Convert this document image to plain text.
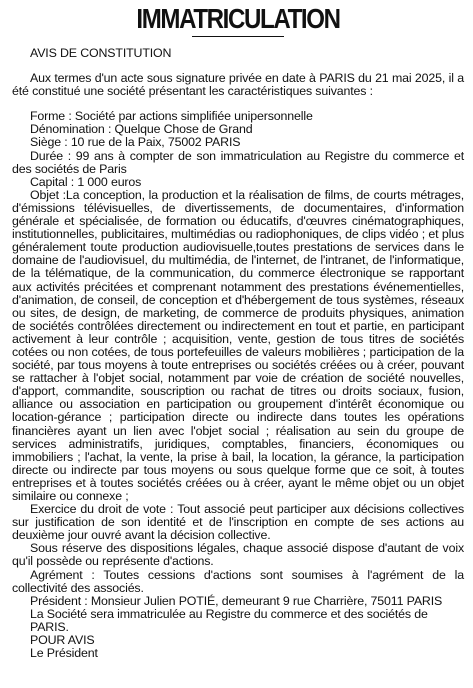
IMMATRICULATION

AVIS DE CONSTITUTION

Aux termes d'un acte sous signature privée en date à PARIS du 21 mai 2025, il a été constitué une société présentant les caractéristiques suivantes :

Forme : Société par actions simplifiée unipersonnelle

Dénomination : Quelque Chose de Grand

Siège : 10 rue de la Paix, 75002 PARIS

Durée : 99 ans à compter de son immatriculation au Registre du commerce et des sociétés de Paris

Capital : 1 000 euros

Objet :La conception, la production et la réalisation de films, de courts métrages, d'émissions télévisuelles, de divertissements, de documentaires, d'information générale et spécialisée, de formation ou éducatifs, d'œuvres cinématographiques, institutionnelles, publicitaires, multimédias ou radiophoniques, de clips vidéo ; et plus généralement toute production audiovisuelle,toutes prestations de services dans le domaine de l'audiovisuel, du multimédia, de l'internet, de l'intranet, de l'informatique, de la télématique, de la communication, du commerce électronique se rapportant aux activités précitées et comprenant notamment des prestations événementielles, d'animation, de conseil, de conception et d'hébergement de tous systèmes, réseaux ou sites, de design, de marketing, de commerce de produits physiques, animation de sociétés contrôlées directement ou indirectement en tout et partie, en participant activement à leur contrôle ; acquisition, vente, gestion de tous titres de sociétés cotées ou non cotées, de tous portefeuilles de valeurs mobilières ; participation de la société, par tous moyens à toute entreprises ou sociétés créées ou à créer, pouvant se rattacher à l'objet social, notamment par voie de création de société nouvelles, d'apport, commandite, souscription ou rachat de titres ou droits sociaux, fusion, alliance ou association en participation ou groupement d'intérêt économique ou location-gérance ; participation directe ou indirecte dans toutes les opérations financières ayant un lien avec l'objet social ; réalisation au sein du groupe de services administratifs, juridiques, comptables, financiers, économiques ou immobiliers ; l'achat, la vente, la prise à bail, la location, la gérance, la participation directe ou indirecte par tous moyens ou sous quelque forme que ce soit, à toutes entreprises et à toutes sociétés créées ou à créer, ayant le même objet ou un objet similaire ou connexe ;

Exercice du droit de vote : Tout associé peut participer aux décisions collectives sur justification de son identité et de l'inscription en compte de ses actions au deuxième jour ouvré avant la décision collective.

Sous réserve des dispositions légales, chaque associé dispose d'autant de voix qu'il possède ou représente d'actions.

Agrément : Toutes cessions d'actions sont soumises à l'agrément de la collectivité des associés.

Président : Monsieur Julien POTIÉ, demeurant 9 rue Charrière, 75011 PARIS

La Société sera immatriculée au Registre du commerce et des sociétés de PARIS.

POUR AVIS

Le Président
